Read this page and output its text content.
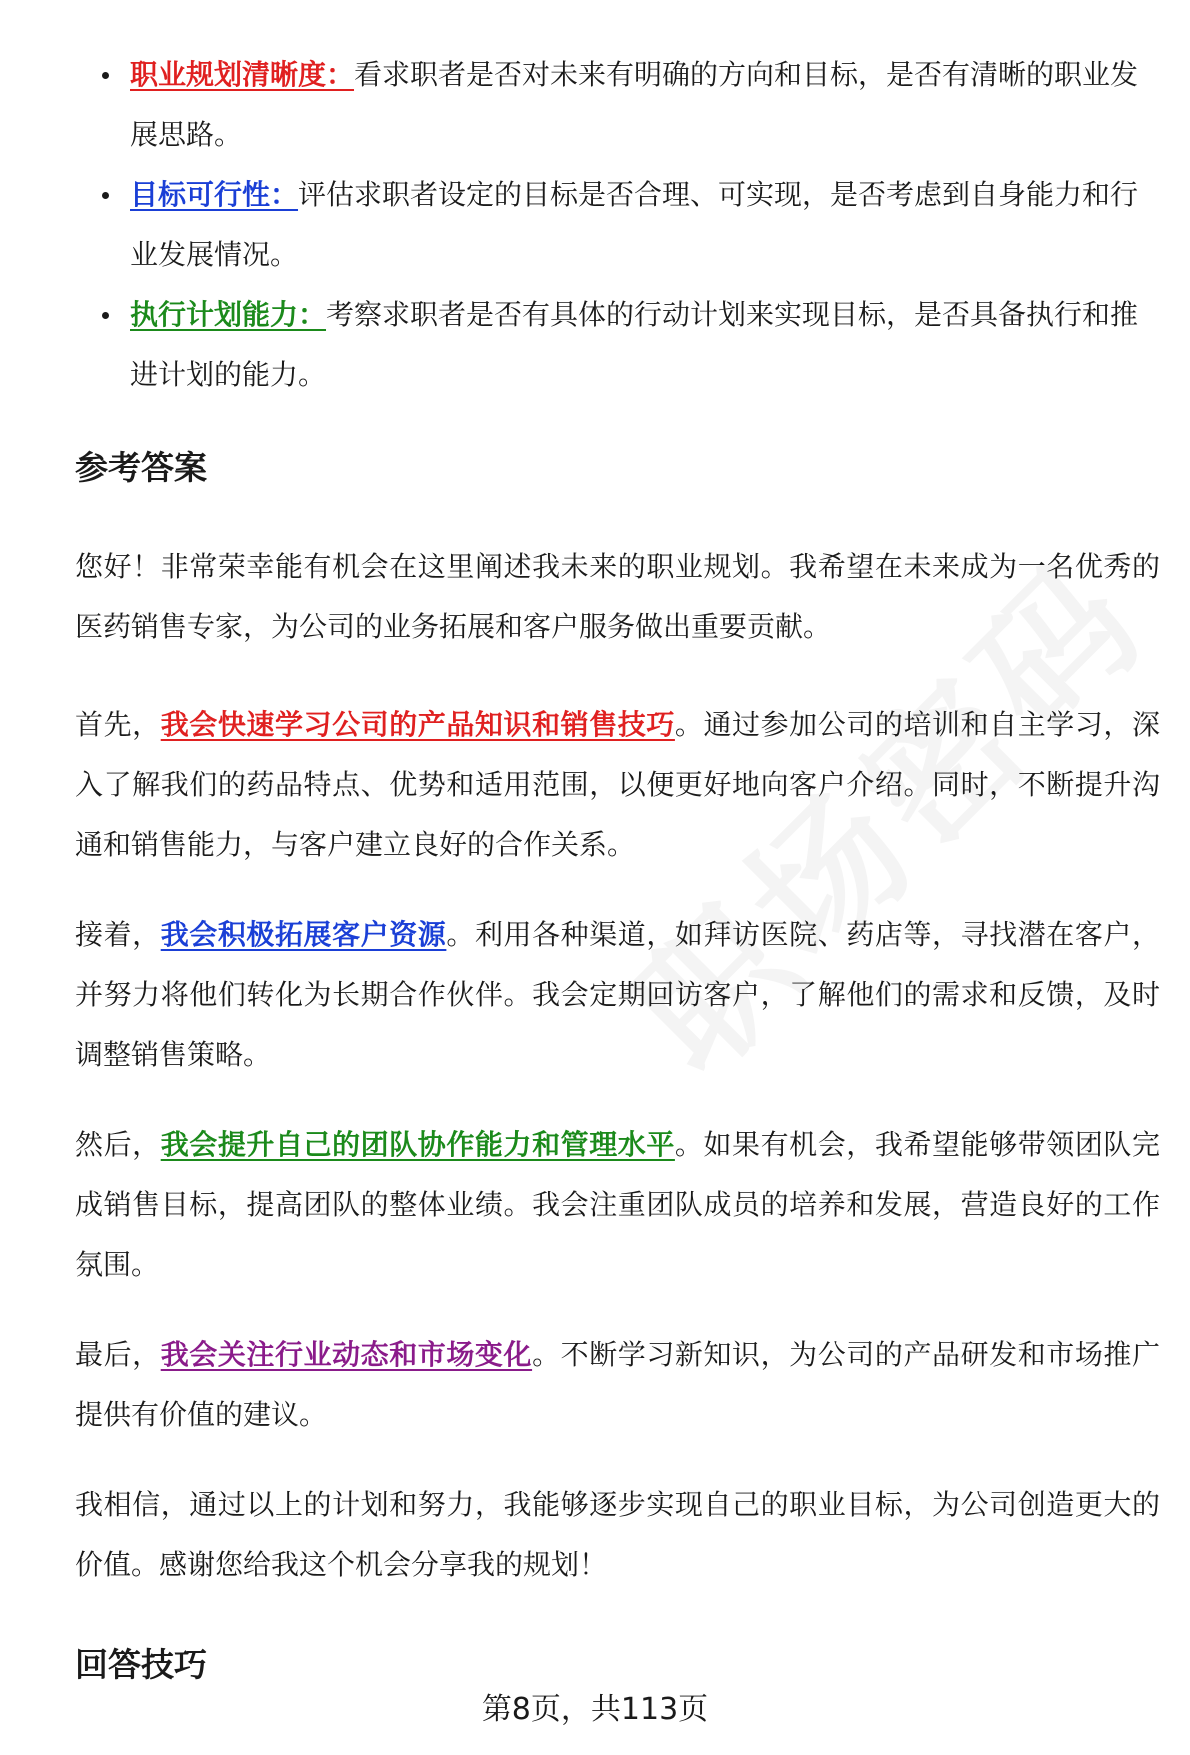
职业规划清晰度：看求职者是否对未来有明确的方向和目标，是否有清晰的职业发展思路。
目标可行性：评估求职者设定的目标是否合理、可实现，是否考虑到自身能力和行业发展情况。
执行计划能力：考察求职者是否有具体的行动计划来实现目标，是否具备执行和推进计划的能力。
参考答案

您好！非常荣幸能有机会在这里阐述我未来的职业规划。我希望在未来成为一名优秀的医药销售专家，为公司的业务拓展和客户服务做出重要贡献。

首先，我会快速学习公司的产品知识和销售技巧。通过参加公司的培训和自主学习，深入了解我们的药品特点、优势和适用范围，以便更好地向客户介绍。同时，不断提升沟通和销售能力，与客户建立良好的合作关系。

接着，我会积极拓展客户资源。利用各种渠道，如拜访医院、药店等，寻找潜在客户，并努力将他们转化为长期合作伙伴。我会定期回访客户，了解他们的需求和反馈，及时调整销售策略。

然后，我会提升自己的团队协作能力和管理水平。如果有机会，我希望能够带领团队完成销售目标，提高团队的整体业绩。我会注重团队成员的培养和发展，营造良好的工作氛围。

最后，我会关注行业动态和市场变化。不断学习新知识，为公司的产品研发和市场推广提供有价值的建议。

我相信，通过以上的计划和努力，我能够逐步实现自己的职业目标，为公司创造更大的价值。感谢您给我这个机会分享我的规划！

回答技巧
第8页，共113页
